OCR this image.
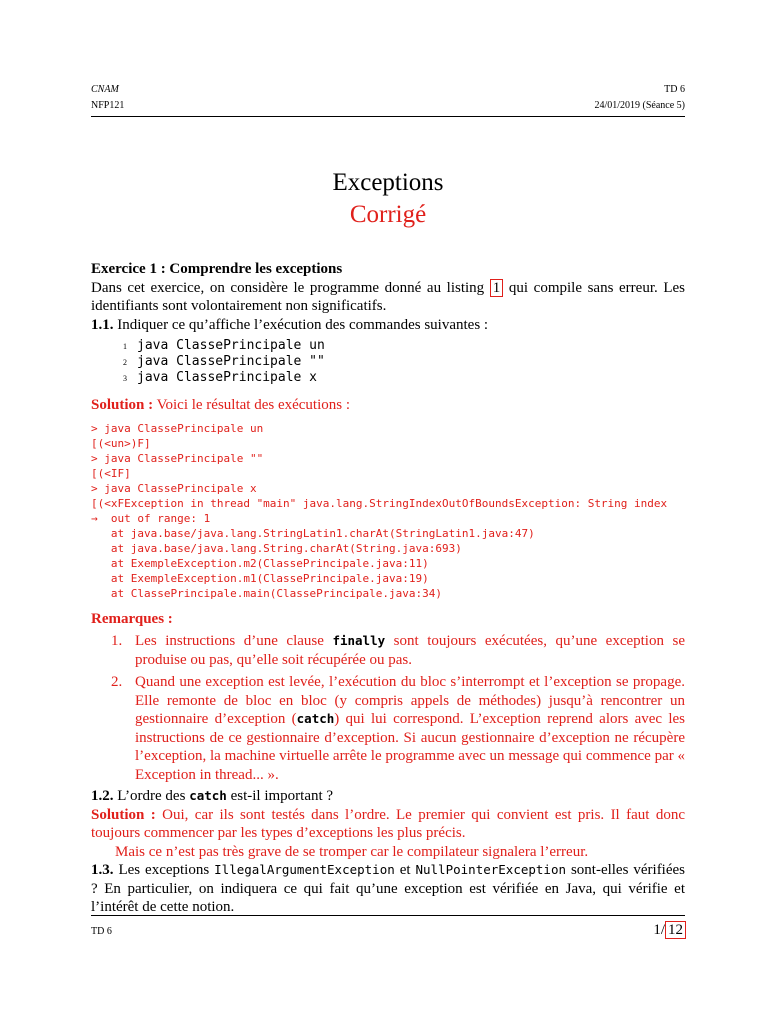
CNAM
NFP121
TD 6
24/01/2019 (Séance 5)
Exceptions
Corrigé
Exercice 1 : Comprendre les exceptions
Dans cet exercice, on considère le programme donné au listing 1 qui compile sans erreur. Les identifiants sont volontairement non significatifs.
1.1. Indiquer ce qu’affiche l’exécution des commandes suivantes :
1 java ClassePrincipale un
2 java ClassePrincipale ""
3 java ClassePrincipale x
Solution : Voici le résultat des exécutions :
> java ClassePrincipale un
[(<un>)F]
> java ClassePrincipale ""
[(<IF]
> java ClassePrincipale x
[(<xFException in thread "main" java.lang.StringIndexOutOfBoundsException: String index
→  out of range: 1
at java.base/java.lang.StringLatin1.charAt(StringLatin1.java:47)
at java.base/java.lang.String.charAt(String.java:693)
at ExempleException.m2(ClassePrincipale.java:11)
at ExempleException.m1(ClassePrincipale.java:19)
at ClassePrincipale.main(ClassePrincipale.java:34)
Remarques :
1. Les instructions d’une clause finally sont toujours exécutées, qu’une exception se produise ou pas, qu’elle soit récupérée ou pas.
2. Quand une exception est levée, l’exécution du bloc s’interrompt et l’exception se propage. Elle remonte de bloc en bloc (y compris appels de méthodes) jusqu’à rencontrer un gestionnaire d’exception (catch) qui lui correspond. L’exception reprend alors avec les instructions de ce gestionnaire d’exception. Si aucun gestionnaire d’exception ne récupère l’exception, la machine virtuelle arrête le programme avec un message qui commence par « Exception in thread... ».
1.2. L’ordre des catch est-il important ?
Solution : Oui, car ils sont testés dans l’ordre. Le premier qui convient est pris. Il faut donc toujours commencer par les types d’exceptions les plus précis.
Mais ce n’est pas très grave de se tromper car le compilateur signalera l’erreur.
1.3. Les exceptions IllegalArgumentException et NullPointerException sont-elles vérifiées ? En particulier, on indiquera ce qui fait qu’une exception est vérifiée en Java, qui vérifie et l’intérêt de cette notion.
TD 6	1/ 12
